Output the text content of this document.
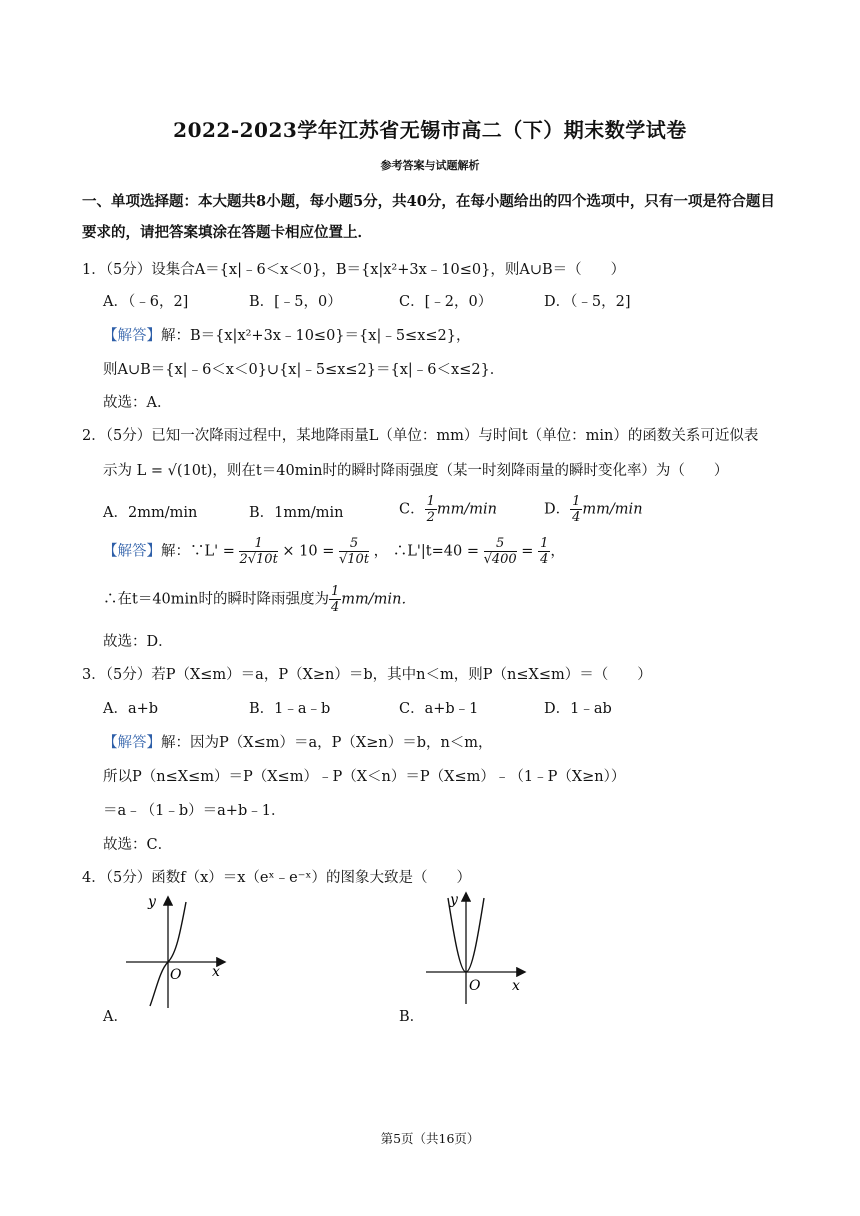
2022-2023学年江苏省无锡市高二（下）期末数学试卷
参考答案与试题解析
一、单项选择题：本大题共8小题，每小题5分，共40分，在每小题给出的四个选项中，只有一项是符合题目要求的，请把答案填涂在答题卡相应位置上．
1．（5分）设集合A＝{x|﹣6＜x＜0}，B＝{x|x²+3x﹣10≤0}，则A∪B＝（　　）
A．（﹣6，2]	B．[﹣5，0）	C．[﹣2，0）	D．（﹣5，2]
【解答】解：B＝{x|x²+3x﹣10≤0}＝{x|﹣5≤x≤2}，
则A∪B＝{x|﹣6＜x＜0}∪{x|﹣5≤x≤2}＝{x|﹣6＜x≤2}．
故选：A．
2．（5分）已知一次降雨过程中，某地降雨量L（单位：mm）与时间t（单位：min）的函数关系可近似表
示为 L = √(10t)，则在t＝40min时的瞬时降雨强度（某一时刻降雨量的瞬时变化率）为（　　）
A．2mm/min	B．1mm/min	C． $\frac{1}{2} mm/\min$	D． $\frac{1}{4} mm/\min$
【解答】解：∵L' = $\frac{1}{2√10t} \times 10 = \frac{5}{√10t}$ ， ∴L'|t=40 = $\frac{5}{√400} = \frac{1}{4}$ ，
∴在t＝40min时的瞬时降雨强度为 $\frac{1}{4} mm/\min$．
故选：D．
3．（5分）若P（X≤m）＝a，P（X≥n）＝b，其中n＜m，则P（n≤X≤m）＝（　　）
A．a+b	B．1﹣a﹣b	C．a+b﹣1	D．1﹣ab
【解答】解：因为P（X≤m）＝a，P（X≥n）＝b，n＜m，
所以P（n≤X≤m）＝P（X≤m）﹣P（X＜n）＝P（X≤m）﹣（1﹣P（X≥n））
＝a﹣（1﹣b）＝a+b﹣1．
故选：C．
4．（5分）函数f（x）＝x（eˣ﹣e⁻ˣ）的图象大致是（　　）
y
x
O
A．
y
x
O
B．
第5页（共16页）
